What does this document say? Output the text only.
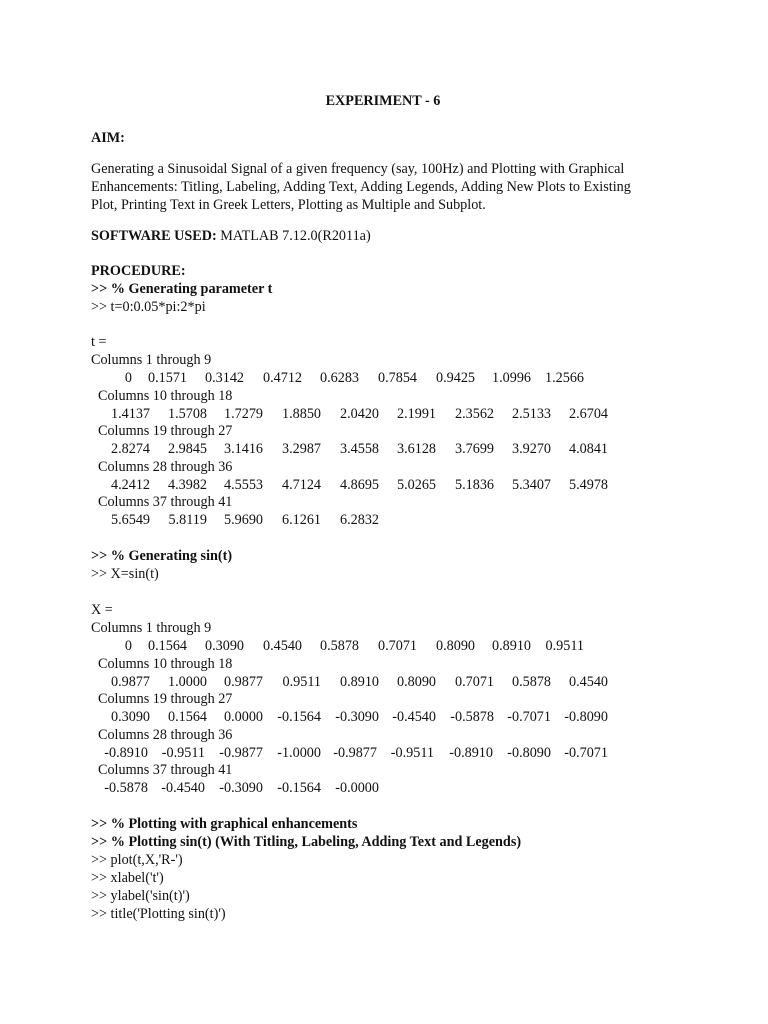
EXPERIMENT - 6
AIM:
Generating a Sinusoidal Signal of a given frequency (say, 100Hz) and Plotting with Graphical
Enhancements: Titling, Labeling, Adding Text, Adding Legends, Adding New Plots to Existing
Plot, Printing Text in Greek Letters, Plotting as Multiple and Subplot.
SOFTWARE USED: MATLAB 7.12.0(R2011a)
PROCEDURE:
>> % Generating parameter t
>> t=0:0.05*pi:2*pi
t =
Columns 1 through 9
0	0.1571	0.3142	0.4712	0.6283	0.7854	0.9425	1.0996 1.2566
Columns 10 through 18
1.4137	1.5708	1.7279	1.8850	2.0420	2.1991	2.3562	2.5133	2.6704
Columns 19 through 27
2.8274	2.9845	3.1416	3.2987	3.4558	3.6128	3.7699	3.9270	4.0841
Columns 28 through 36
4.2412	4.3982	4.5553	4.7124	4.8695	5.0265	5.1836	5.3407	5.4978
Columns 37 through 41
5.6549	5.8119	5.9690	6.1261	6.2832
>> % Generating sin(t)
>> X=sin(t)
X =
Columns 1 through 9
0	0.1564	0.3090	0.4540	0.5878	0.7071	0.8090	0.8910	0.9511
Columns 10 through 18
0.9877	1.0000	0.9877	0.9511	0.8910	0.8090	0.7071	0.5878	0.4540
Columns 19 through 27
0.3090	0.1564	0.0000	-0.1564	-0.3090 -0.4540	-0.5878 -0.7071 -0.8090
Columns 28 through 36
-0.8910 -0.9511	-0.9877	-1.0000 -0.9877 -0.9511	-0.8910	-0.8090 -0.7071
Columns 37 through 41
-0.5878 -0.4540	-0.3090	-0.1564	-0.0000
>> % Plotting with graphical enhancements
>> % Plotting sin(t) (With Titling, Labeling, Adding Text and Legends)
>> plot(t,X,'R-')
>> xlabel('t')
>> ylabel('sin(t)')
>> title('Plotting sin(t)')
